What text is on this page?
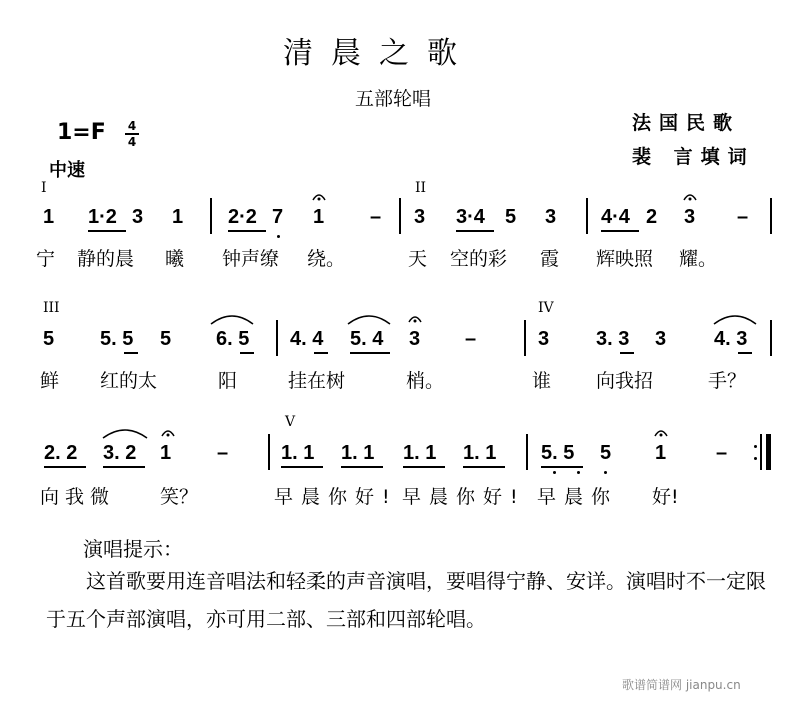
清晨之歌
五部轮唱
法国民歌
裴 言填词
1=F 4
4
中速
I	II
III	IV
V
1 1·2 3 1 2·2 7 1 – 3 3·4 5 3 4·4 2 3 –
宁 静的晨 曦 钟声缭 绕。	天 空的彩 霞 辉映照 耀。
5 5. 5 5 6. 5 4. 4 5. 4 3 –	3 3. 3 3 4. 3
鲜 红的太	阳	挂在树	梢。	谁 向我招	手？
2. 2 3. 2 1 –	1. 1 1. 1 1. 1 1. 1 5. 5 5 1 –
向我微 笑？	早晨你好! 早晨你好! 早晨你 好!
演唱提示：
这首歌要用连音唱法和轻柔的声音演唱，要唱得宁静、安详。演唱时不一定限于五个声部演唱，亦可用二部、三部和四部轮唱。
歌谱简谱网 jianpu.cn
